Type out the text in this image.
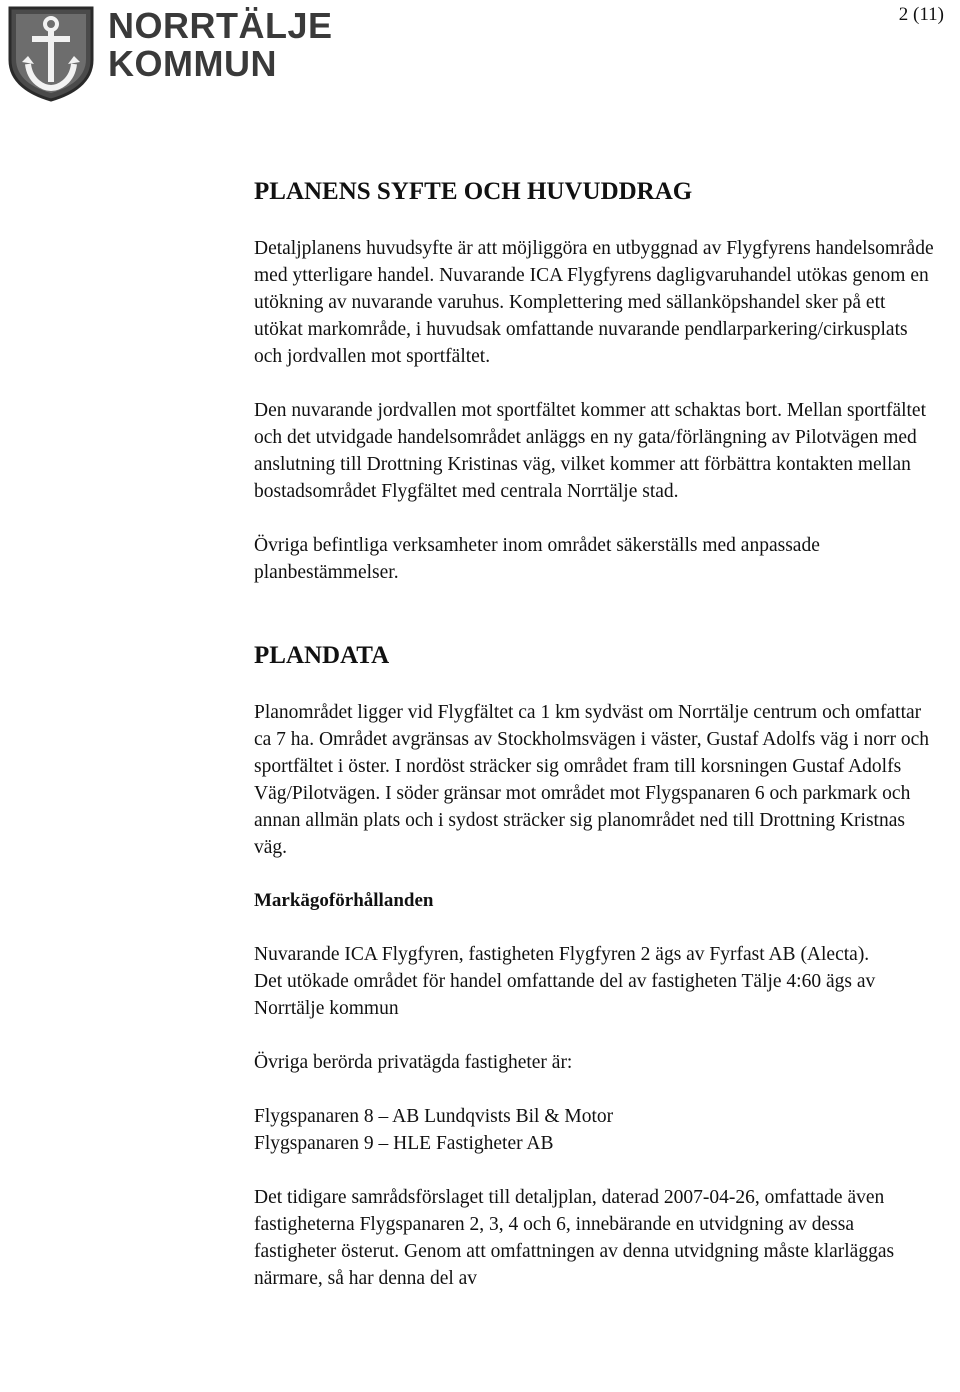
NORRTÄLJE
KOMMUN
2 (11)
PLANENS SYFTE OCH HUVUDDRAG

Detaljplanens huvudsyfte är att möjliggöra en utbyggnad av Flygfyrens handelsområde med ytterligare handel. Nuvarande ICA Flygfyrens dagligvaruhandel utökas genom en utökning av nuvarande varuhus. Komplettering med sällanköpshandel sker på ett utökat markområde, i huvudsak omfattande nuvarande pendlarparkering/cirkusplats och jordvallen mot sportfältet.

Den nuvarande jordvallen mot sportfältet kommer att schaktas bort. Mellan sportfältet och det utvidgade handelsområdet anläggs en ny gata/förlängning av Pilotvägen med anslutning till Drottning Kristinas väg, vilket kommer att förbättra kontakten mellan bostadsområdet Flygfältet med centrala Norrtälje stad.

Övriga befintliga verksamheter inom området säkerställs med anpassade planbestämmelser.

PLANDATA

Planområdet ligger vid Flygfältet ca 1 km sydväst om Norrtälje centrum och omfattar ca 7 ha. Området avgränsas av Stockholmsvägen i väster, Gustaf Adolfs väg i norr och sportfältet i öster. I nordöst sträcker sig området fram till korsningen Gustaf Adolfs Väg/Pilotvägen. I söder gränsar mot området mot Flygspanaren 6 och parkmark och annan allmän plats och i sydost sträcker sig planområdet ned till Drottning Kristnas väg.

Markägoförhållanden

Nuvarande ICA Flygfyren, fastigheten Flygfyren 2 ägs av Fyrfast AB (Alecta).

Det utökade området för handel omfattande del av fastigheten Tälje 4:60 ägs av Norrtälje kommun

Övriga berörda privatägda fastigheter är:

Flygspanaren 8 – AB Lundqvists Bil & Motor

Flygspanaren 9 – HLE Fastigheter AB

Det tidigare samrådsförslaget till detaljplan, daterad 2007-04-26, omfattade även fastigheterna Flygspanaren 2, 3, 4 och 6, innebärande en utvidgning av dessa fastigheter österut. Genom att omfattningen av denna utvidgning måste klarläggas närmare, så har denna del av
